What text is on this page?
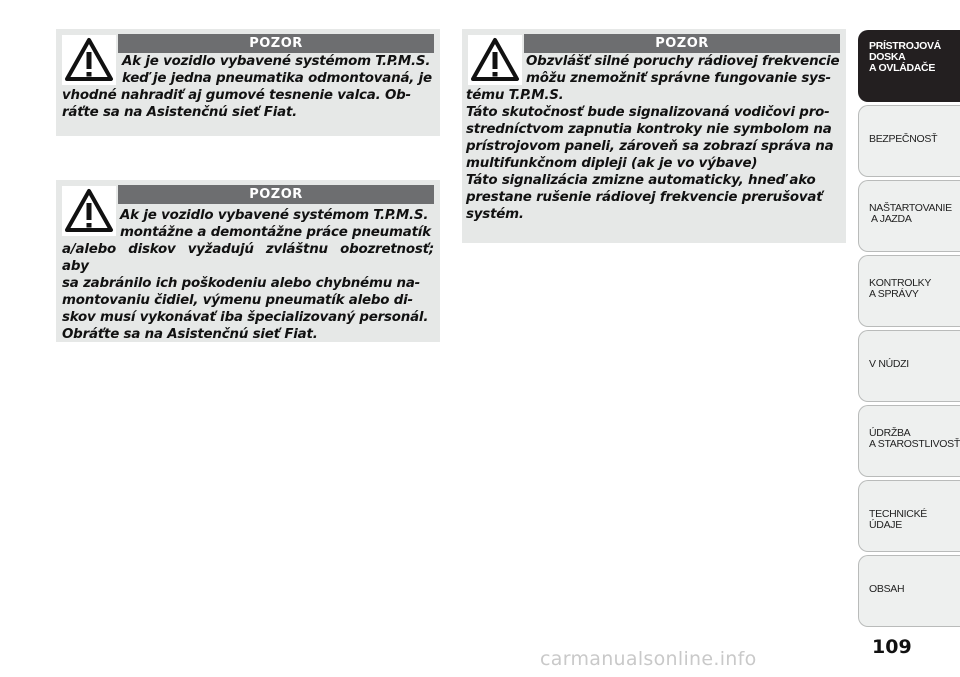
POZOR
Ak je vozidlo vybavené systémom T.P.M.S.
keď je jedna pneumatika odmontovaná, je
vhodné nahradiť aj gumové tesnenie valca. Ob-
ráťte sa na Asistenčnú sieť Fiat.
POZOR
Ak je vozidlo vybavené systémom T.P.M.S.
montážne a demontážne práce pneumatík
a/alebo diskov vyžadujú zvláštnu obozretnosť; aby
sa zabránilo ich poškodeniu alebo chybnému na-
montovaniu čidiel, výmenu pneumatík alebo di-
skov musí vykonávať iba špecializovaný personál.
Obráťte sa na Asistenčnú sieť Fiat.
POZOR
Obzvlášť silné poruchy rádiovej frekvencie
môžu znemožniť správne fungovanie sys-
tému T.P.M.S.
Táto skutočnosť bude signalizovaná vodičovi pro-
stredníctvom zapnutia kontroky nie symbolom na
prístrojovom paneli, zároveň sa zobrazí správa na
multifunkčnom dipleji (ak je vo výbave)
Táto signalizácia zmizne automaticky, hneď ako
prestane rušenie rádiovej frekvencie prerušovať
systém.
PRÍSTROJOVÁ
DOSKA
A OVLÁDAČE
BEZPEČNOSŤ
NAŠTARTOVANIE
A JAZDA
KONTROLKY
A SPRÁVY
V NÚDZI
ÚDRŽBA
A STAROSTLIVOSŤ
TECHNICKÉ ÚDAJE
OBSAH
109
carmanualsonline.info
